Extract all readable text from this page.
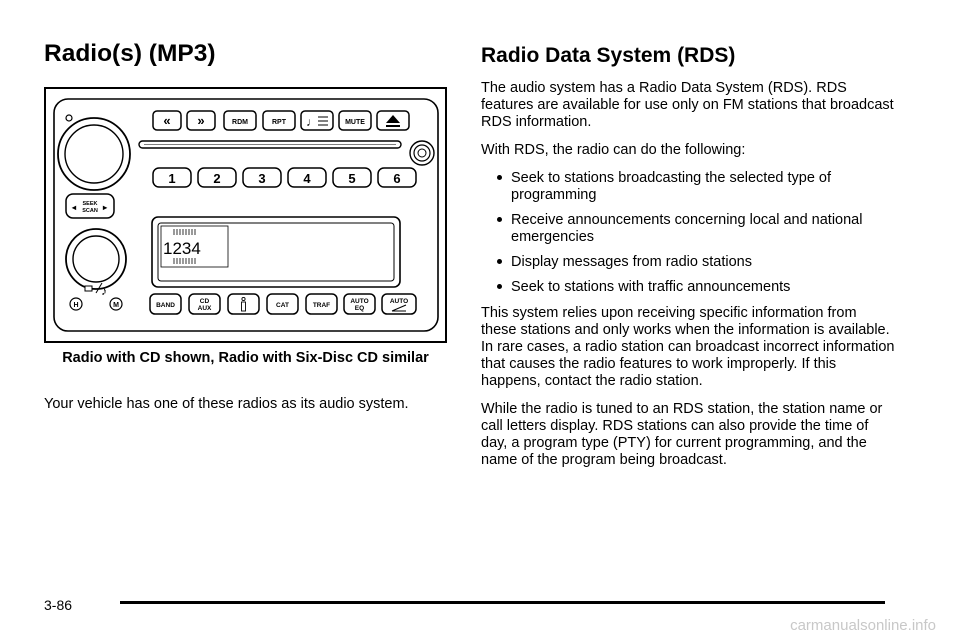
Radio(s) (MP3)
« »	RDM	RPT ♩	MUTE
1	2	3	4	5	6
◂ SEEK
SCAN ▸
1234
H	M
♪
BAND
CD
AUX	CAT	TRAF
AUTO
EQ
AUTO
Radio with CD shown, Radio with Six-Disc CD similar

Your vehicle has one of these radios as its audio system.

Radio Data System (RDS)

The audio system has a Radio Data System (RDS). RDS features are available for use only on FM stations that broadcast RDS information.

With RDS, the radio can do the following:

Seek to stations broadcasting the selected type of programming
Receive announcements concerning local and national emergencies
Display messages from radio stations
Seek to stations with traffic announcements

This system relies upon receiving specific information from these stations and only works when the information is available. In rare cases, a radio station can broadcast incorrect information that causes the radio features to work improperly. If this happens, contact the radio station.

While the radio is tuned to an RDS station, the station name or call letters display. RDS stations can also provide the time of day, a program type (PTY) for current programming, and the name of the program being broadcast.

3-86
carmanualsonline.info
